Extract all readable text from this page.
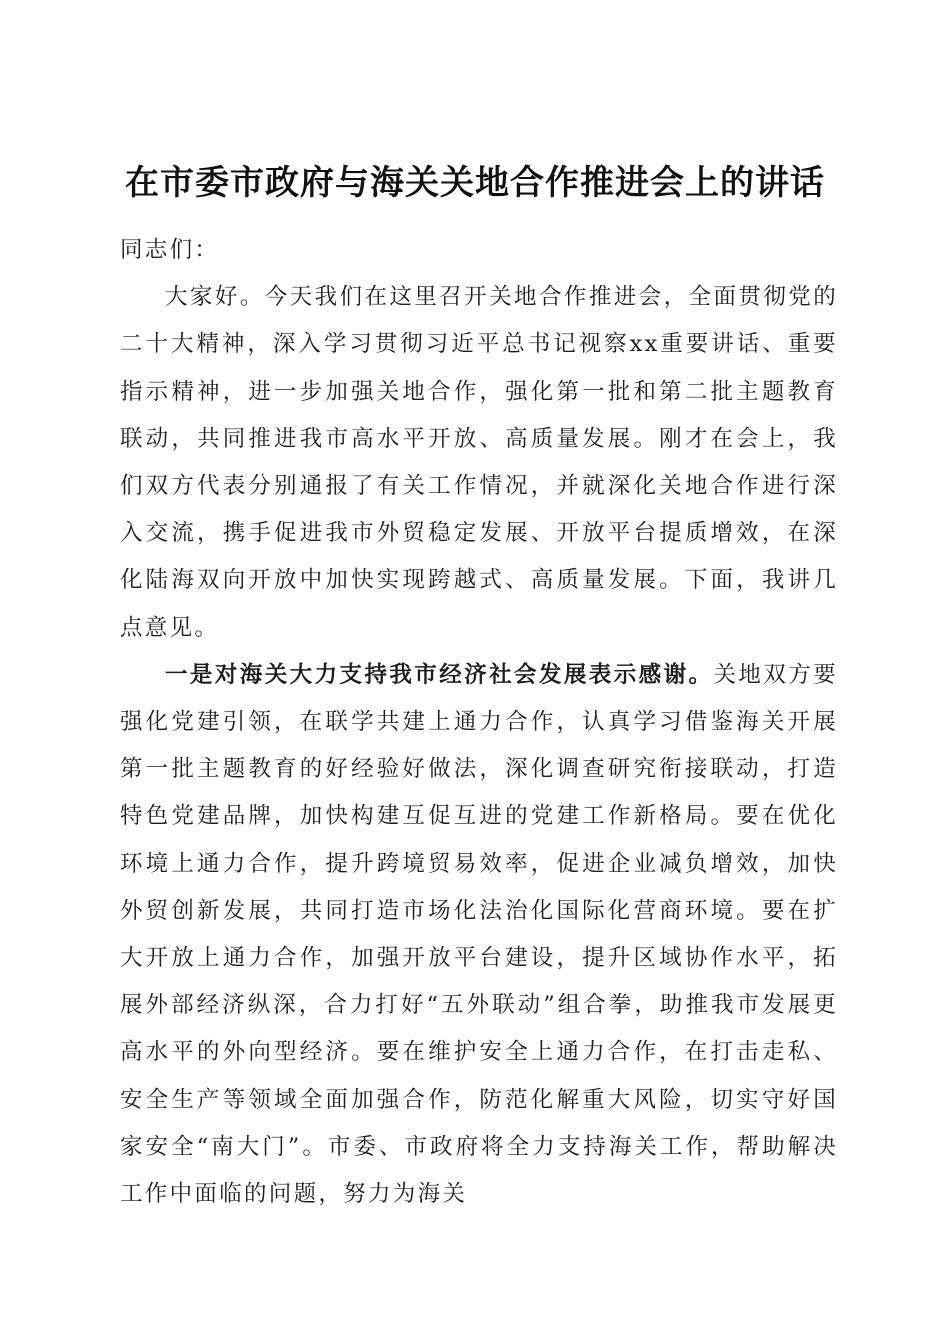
在市委市政府与海关关地合作推进会上的讲话

同志们：

大家好。今天我们在这里召开关地合作推进会，全面贯彻党的二十大精神，深入学习贯彻习近平总书记视察xx重要讲话、重要指示精神，进一步加强关地合作，强化第一批和第二批主题教育联动，共同推进我市高水平开放、高质量发展。刚才在会上，我们双方代表分别通报了有关工作情况，并就深化关地合作进行深入交流，携手促进我市外贸稳定发展、开放平台提质增效，在深化陆海双向开放中加快实现跨越式、高质量发展。下面，我讲几点意见。

一是对海关大力支持我市经济社会发展表示感谢。关地双方要强化党建引领，在联学共建上通力合作，认真学习借鉴海关开展第一批主题教育的好经验好做法，深化调查研究衔接联动，打造特色党建品牌，加快构建互促互进的党建工作新格局。要在优化环境上通力合作，提升跨境贸易效率，促进企业减负增效，加快外贸创新发展，共同打造市场化法治化国际化营商环境。要在扩大开放上通力合作，加强开放平台建设，提升区域协作水平，拓展外部经济纵深，合力打好“五外联动”组合拳，助推我市发展更高水平的外向型经济。要在维护安全上通力合作，在打击走私、安全生产等领域全面加强合作，防范化解重大风险，切实守好国家安全“南大门”。市委、市政府将全力支持海关工作，帮助解决工作中面临的问题，努力为海关
